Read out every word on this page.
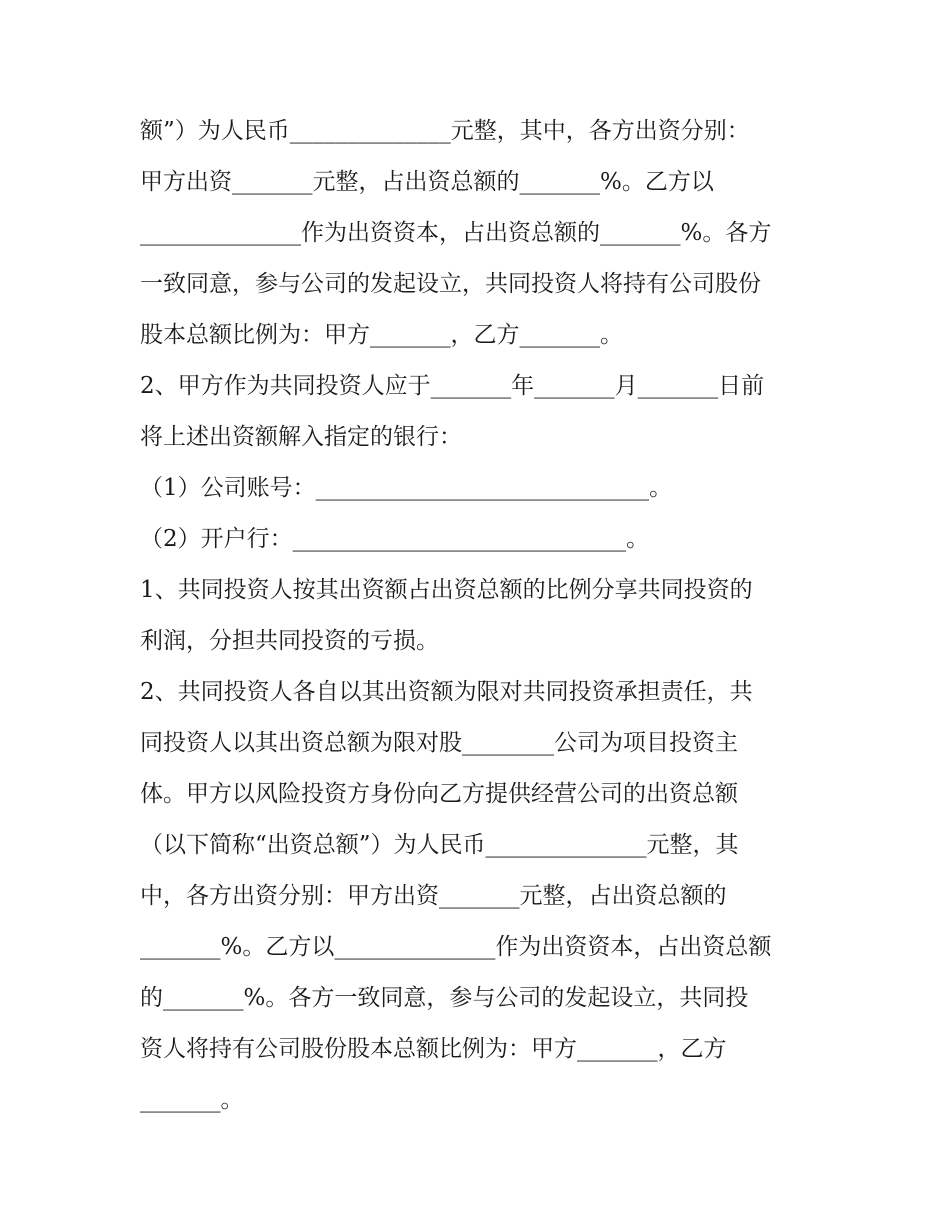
额”）为人民币______________元整，其中，各方出资分别：
甲方出资_______元整，占出资总额的_______%。乙方以
______________作为出资资本，占出资总额的_______%。各方
一致同意，参与公司的发起设立，共同投资人将持有公司股份
股本总额比例为：甲方_______，乙方_______。
2、甲方作为共同投资人应于_______年_______月_______日前
将上述出资额解入指定的银行：
（1）公司账号：_____________________________。
（2）开户行：_____________________________。
1、共同投资人按其出资额占出资总额的比例分享共同投资的
利润，分担共同投资的亏损。
2、共同投资人各自以其出资额为限对共同投资承担责任，共
同投资人以其出资总额为限对股________公司为项目投资主
体。甲方以风险投资方身份向乙方提供经营公司的出资总额
（以下简称“出资总额”）为人民币______________元整，其
中，各方出资分别：甲方出资_______元整，占出资总额的
_______%。乙方以______________作为出资资本，占出资总额
的_______%。各方一致同意，参与公司的发起设立，共同投
资人将持有公司股份股本总额比例为：甲方_______，乙方
_______。
